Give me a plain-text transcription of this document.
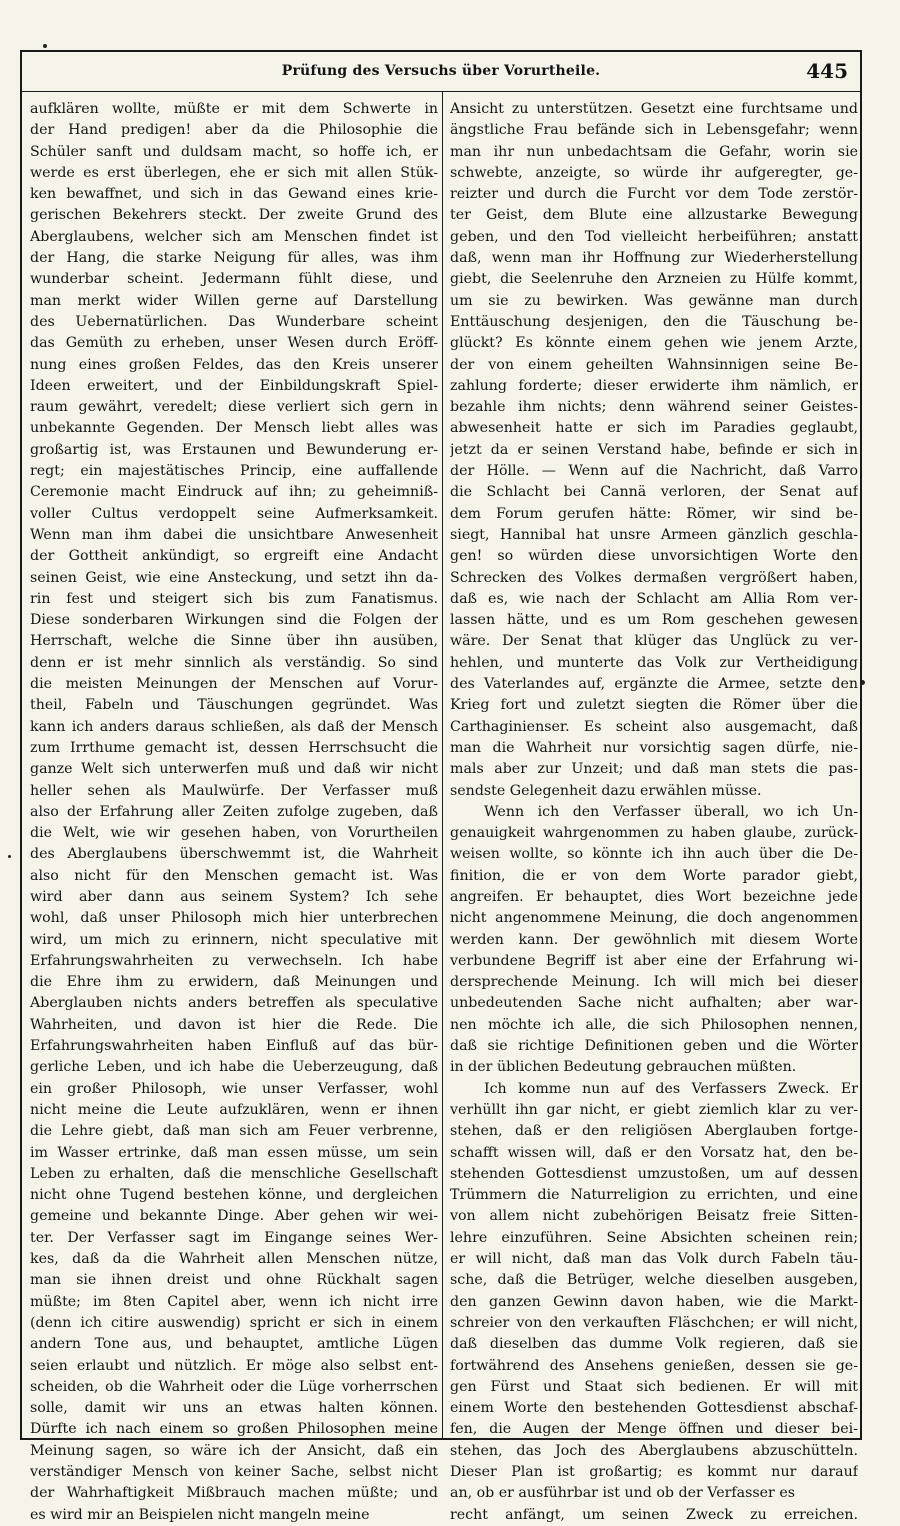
Prüfung des Versuchs über Vorurtheile.	445
aufklären wollte, müßte er mit dem Schwerte in
der Hand predigen! aber da die Philosophie die
Schüler sanft und duldsam macht, so hoffe ich, er
werde es erst überlegen, ehe er sich mit allen Stük-
ken bewaffnet, und sich in das Gewand eines krie-
gerischen Bekehrers steckt. Der zweite Grund des
Aberglaubens, welcher sich am Menschen findet ist
der Hang, die starke Neigung für alles, was ihm
wunderbar scheint. Jedermann fühlt diese, und
man merkt wider Willen gerne auf Darstellung
des Uebernatürlichen. Das Wunderbare scheint
das Gemüth zu erheben, unser Wesen durch Eröff-
nung eines großen Feldes, das den Kreis unserer
Ideen erweitert, und der Einbildungskraft Spiel-
raum gewährt, veredelt; diese verliert sich gern in
unbekannte Gegenden. Der Mensch liebt alles was
großartig ist, was Erstaunen und Bewunderung er-
regt; ein majestätisches Princip, eine auffallende
Ceremonie macht Eindruck auf ihn; zu geheimniß-
voller Cultus verdoppelt seine Aufmerksamkeit.
Wenn man ihm dabei die unsichtbare Anwesenheit
der Gottheit ankündigt, so ergreift eine Andacht
seinen Geist, wie eine Ansteckung, und setzt ihn da-
rin fest und steigert sich bis zum Fanatismus.
Diese sonderbaren Wirkungen sind die Folgen der
Herrschaft, welche die Sinne über ihn ausüben,
denn er ist mehr sinnlich als verständig. So sind
die meisten Meinungen der Menschen auf Vorur-
theil, Fabeln und Täuschungen gegründet. Was
kann ich anders daraus schließen, als daß der Mensch
zum Irrthume gemacht ist, dessen Herrschsucht die
ganze Welt sich unterwerfen muß und daß wir nicht
heller sehen als Maulwürfe. Der Verfasser muß
also der Erfahrung aller Zeiten zufolge zugeben, daß
die Welt, wie wir gesehen haben, von Vorurtheilen
des Aberglaubens überschwemmt ist, die Wahrheit
also nicht für den Menschen gemacht ist. Was
wird aber dann aus seinem System? Ich sehe
wohl, daß unser Philosoph mich hier unterbrechen
wird, um mich zu erinnern, nicht speculative mit
Erfahrungswahrheiten zu verwechseln. Ich habe
die Ehre ihm zu erwidern, daß Meinungen und
Aberglauben nichts anders betreffen als speculative
Wahrheiten, und davon ist hier die Rede. Die
Erfahrungswahrheiten haben Einfluß auf das bür-
gerliche Leben, und ich habe die Ueberzeugung, daß
ein großer Philosoph, wie unser Verfasser, wohl
nicht meine die Leute aufzuklären, wenn er ihnen
die Lehre giebt, daß man sich am Feuer verbrenne,
im Wasser ertrinke, daß man essen müsse, um sein
Leben zu erhalten, daß die menschliche Gesellschaft
nicht ohne Tugend bestehen könne, und dergleichen
gemeine und bekannte Dinge. Aber gehen wir wei-
ter. Der Verfasser sagt im Eingange seines Wer-
kes, daß da die Wahrheit allen Menschen nütze,
man sie ihnen dreist und ohne Rückhalt sagen
müßte; im 8ten Capitel aber, wenn ich nicht irre
(denn ich citire auswendig) spricht er sich in einem
andern Tone aus, und behauptet, amtliche Lügen
seien erlaubt und nützlich. Er möge also selbst ent-
scheiden, ob die Wahrheit oder die Lüge vorherrschen
solle, damit wir uns an etwas halten können.
Dürfte ich nach einem so großen Philosophen meine
Meinung sagen, so wäre ich der Ansicht, daß ein
verständiger Mensch von keiner Sache, selbst nicht
der Wahrhaftigkeit Mißbrauch machen müßte; und
es wird mir an Beispielen nicht mangeln meine
Ansicht zu unterstützen. Gesetzt eine furchtsame und
ängstliche Frau befände sich in Lebensgefahr; wenn
man ihr nun unbedachtsam die Gefahr, worin sie
schwebte, anzeigte, so würde ihr aufgeregter, ge-
reizter und durch die Furcht vor dem Tode zerstör-
ter Geist, dem Blute eine allzustarke Bewegung
geben, und den Tod vielleicht herbeiführen; anstatt
daß, wenn man ihr Hoffnung zur Wiederherstellung
giebt, die Seelenruhe den Arzneien zu Hülfe kommt,
um sie zu bewirken. Was gewänne man durch
Enttäuschung desjenigen, den die Täuschung be-
glückt? Es könnte einem gehen wie jenem Arzte,
der von einem geheilten Wahnsinnigen seine Be-
zahlung forderte; dieser erwiderte ihm nämlich, er
bezahle ihm nichts; denn während seiner Geistes-
abwesenheit hatte er sich im Paradies geglaubt,
jetzt da er seinen Verstand habe, befinde er sich in
der Hölle. — Wenn auf die Nachricht, daß Varro
die Schlacht bei Cannä verloren, der Senat auf
dem Forum gerufen hätte: Römer, wir sind be-
siegt, Hannibal hat unsre Armeen gänzlich geschla-
gen! so würden diese unvorsichtigen Worte den
Schrecken des Volkes dermaßen vergrößert haben,
daß es, wie nach der Schlacht am Allia Rom ver-
lassen hätte, und es um Rom geschehen gewesen
wäre. Der Senat that klüger das Unglück zu ver-
hehlen, und munterte das Volk zur Vertheidigung
des Vaterlandes auf, ergänzte die Armee, setzte den
Krieg fort und zuletzt siegten die Römer über die
Carthaginienser. Es scheint also ausgemacht, daß
man die Wahrheit nur vorsichtig sagen dürfe, nie-
mals aber zur Unzeit; und daß man stets die pas-
sendste Gelegenheit dazu erwählen müsse.
Wenn ich den Verfasser überall, wo ich Un-
genauigkeit wahrgenommen zu haben glaube, zurück-
weisen wollte, so könnte ich ihn auch über die De-
finition, die er von dem Worte parador giebt,
angreifen. Er behauptet, dies Wort bezeichne jede
nicht angenommene Meinung, die doch angenommen
werden kann. Der gewöhnlich mit diesem Worte
verbundene Begriff ist aber eine der Erfahrung wi-
dersprechende Meinung. Ich will mich bei dieser
unbedeutenden Sache nicht aufhalten; aber war-
nen möchte ich alle, die sich Philosophen nennen,
daß sie richtige Definitionen geben und die Wörter
in der üblichen Bedeutung gebrauchen müßten.
Ich komme nun auf des Verfassers Zweck. Er
verhüllt ihn gar nicht, er giebt ziemlich klar zu ver-
stehen, daß er den religiösen Aberglauben fortge-
schafft wissen will, daß er den Vorsatz hat, den be-
stehenden Gottesdienst umzustoßen, um auf dessen
Trümmern die Naturreligion zu errichten, und eine
von allem nicht zubehörigen Beisatz freie Sitten-
lehre einzuführen. Seine Absichten scheinen rein;
er will nicht, daß man das Volk durch Fabeln täu-
sche, daß die Betrüger, welche dieselben ausgeben,
den ganzen Gewinn davon haben, wie die Markt-
schreier von den verkauften Fläschchen; er will nicht,
daß dieselben das dumme Volk regieren, daß sie
fortwährend des Ansehens genießen, dessen sie ge-
gen Fürst und Staat sich bedienen. Er will mit
einem Worte den bestehenden Gottesdienst abschaf-
fen, die Augen der Menge öffnen und dieser bei-
stehen, das Joch des Aberglaubens abzuschütteln.
Dieser Plan ist großartig; es kommt nur darauf
an, ob er ausführbar ist und ob der Verfasser es
recht anfängt, um seinen Zweck zu erreichen.
